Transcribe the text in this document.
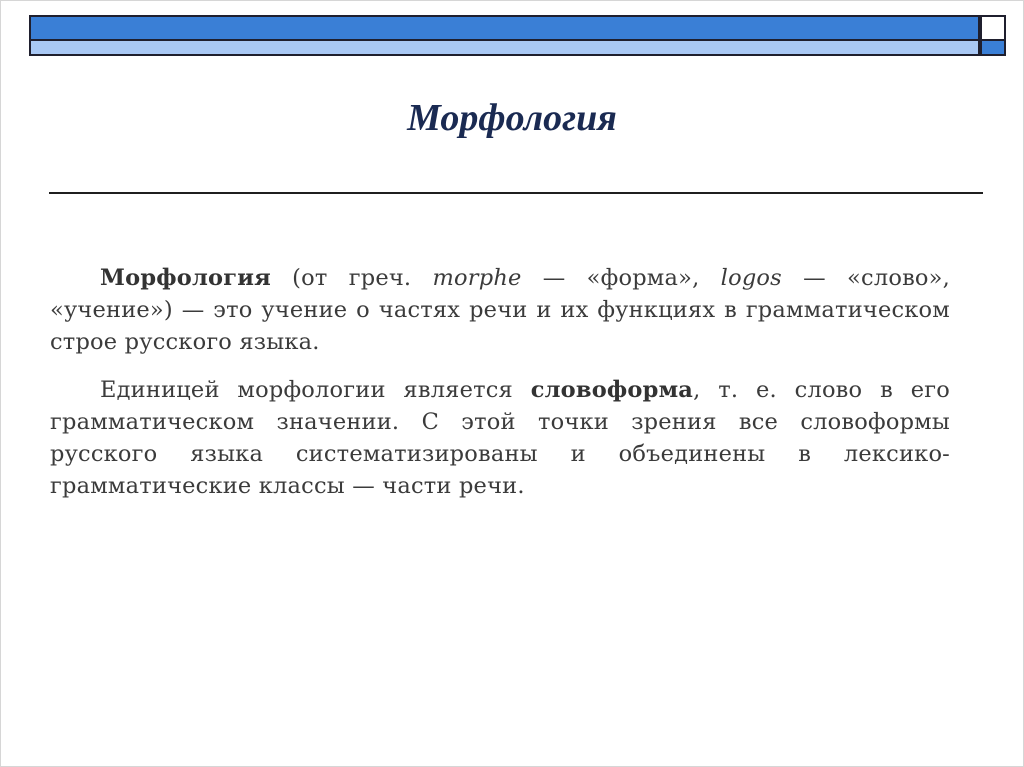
Морфология

Морфология (от греч. morphe — «форма», logos — «слово», «учение») — это учение о частях речи и их функциях в грамматическом строе русского языка.

Единицей морфологии является словоформа, т. е. слово в его грамматическом значении. С этой точки зрения все словоформы русского языка систематизированы и объединены в лексико-грамматические классы — части речи.
